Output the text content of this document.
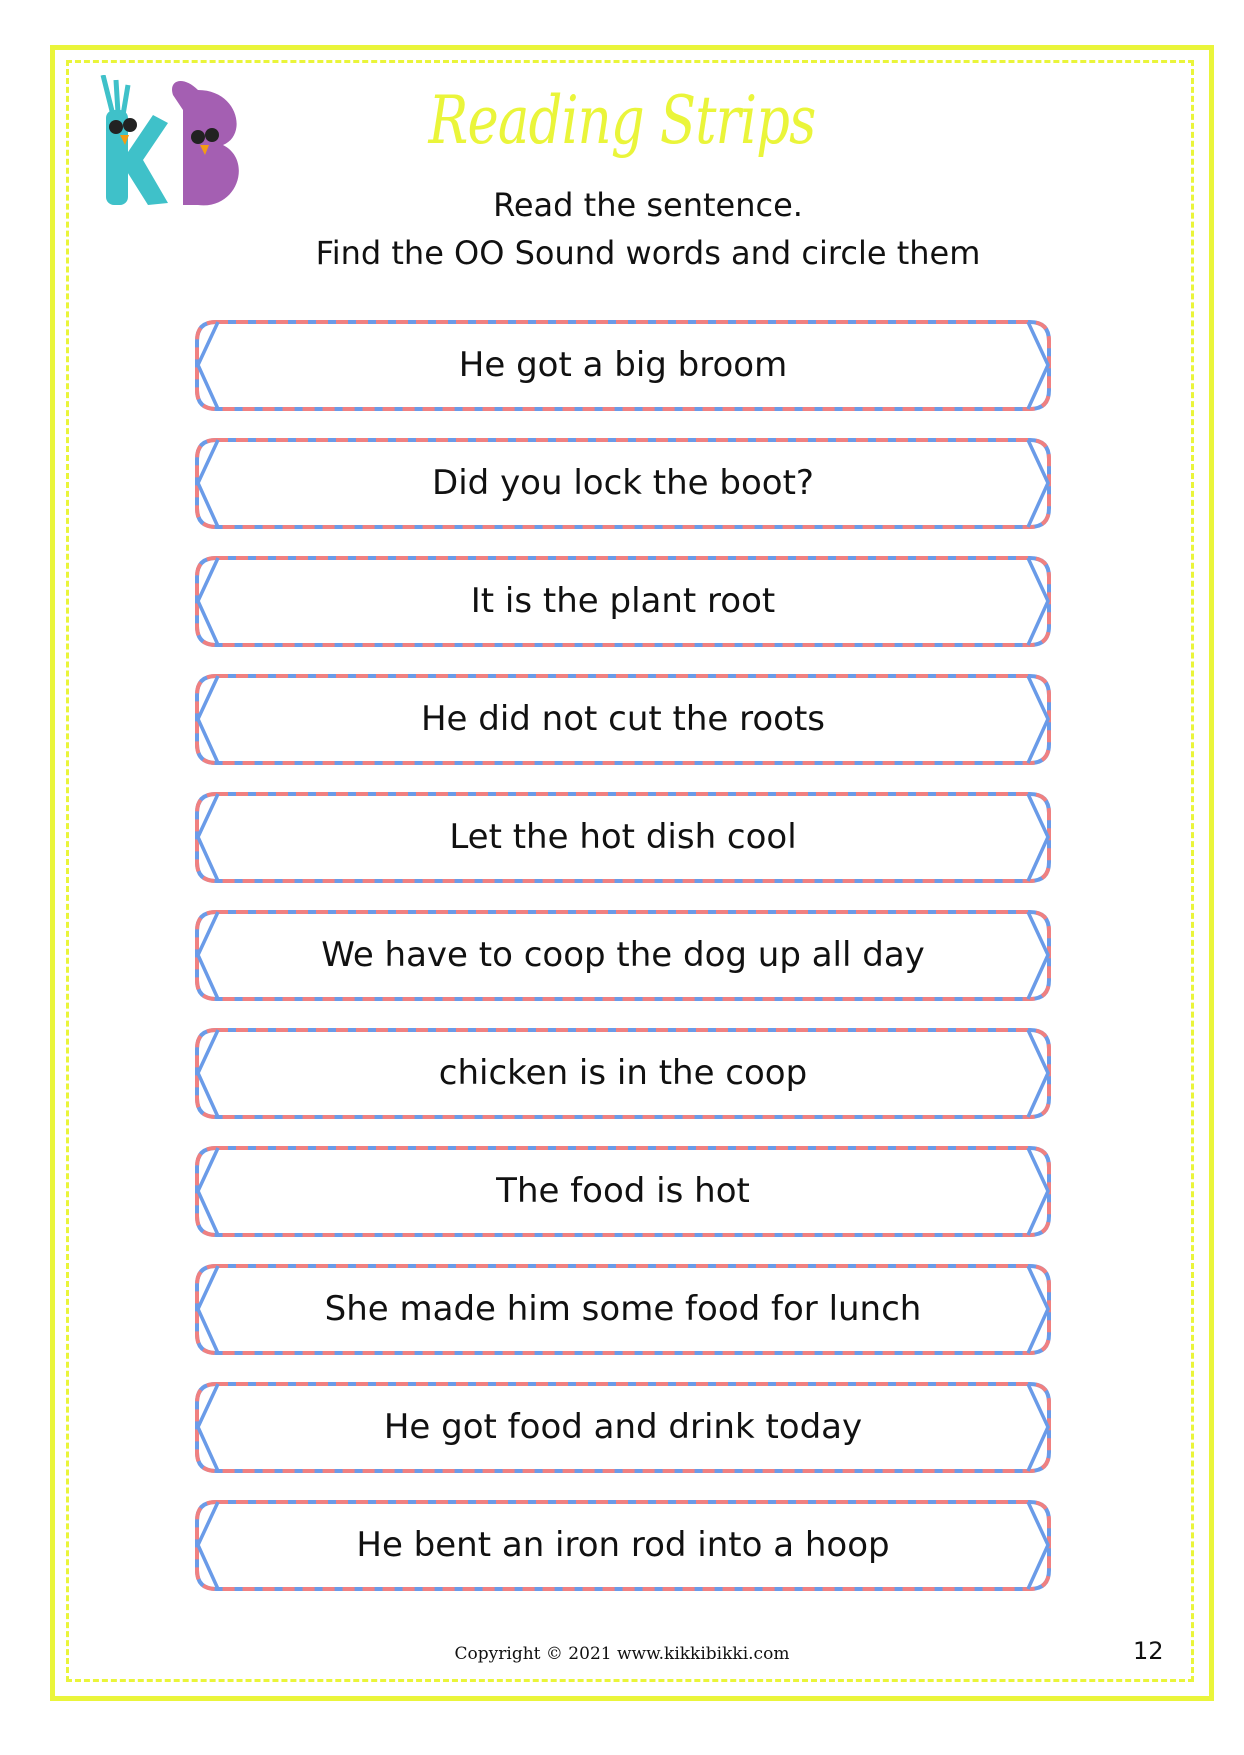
Reading Strips
Read the sentence.
Find the OO Sound words and circle them
He got a big broom
Did you lock the boot?
It is the plant root
He did not cut the roots
Let the hot dish cool
We have to coop the dog up all day
chicken is in the coop
The food is hot
She made him some food for lunch
He got food and drink today
He bent an iron rod into a hoop
Copyright © 2021 www.kikkibikki.com	12
